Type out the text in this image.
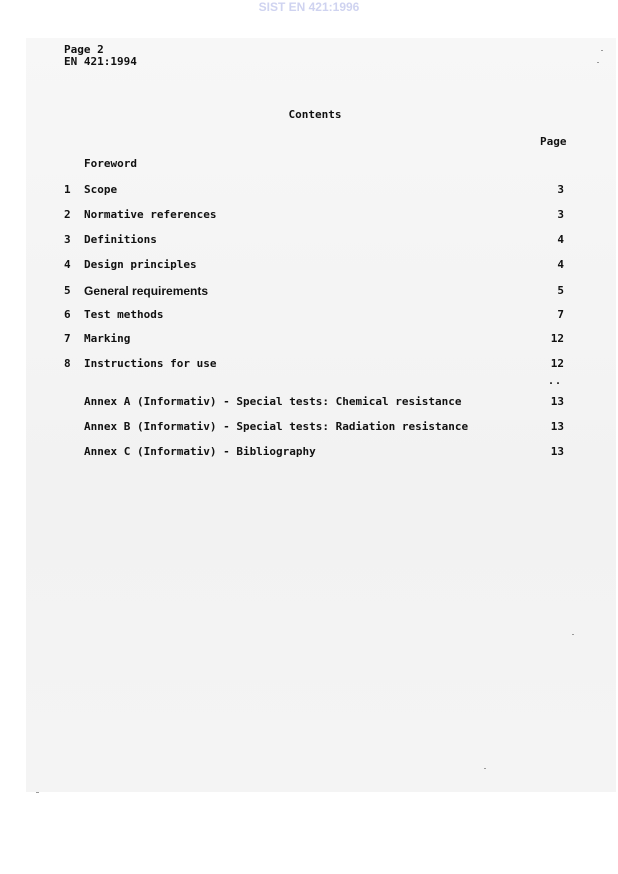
SIST EN 421:1996
Page 2
EN 421:1994
Contents
Page
Foreword
1 Scope	3
2 Normative references	3
3 Definitions	4
4 Design principles	4
5 General requirements	5
6 Test methods	7
7 Marking	12
8 Instructions for use	12
..
Annex A (Informativ) - Special tests: Chemical resistance	13
Annex B (Informativ) - Special tests: Radiation resistance	13
Annex C (Informativ) - Bibliography	13
